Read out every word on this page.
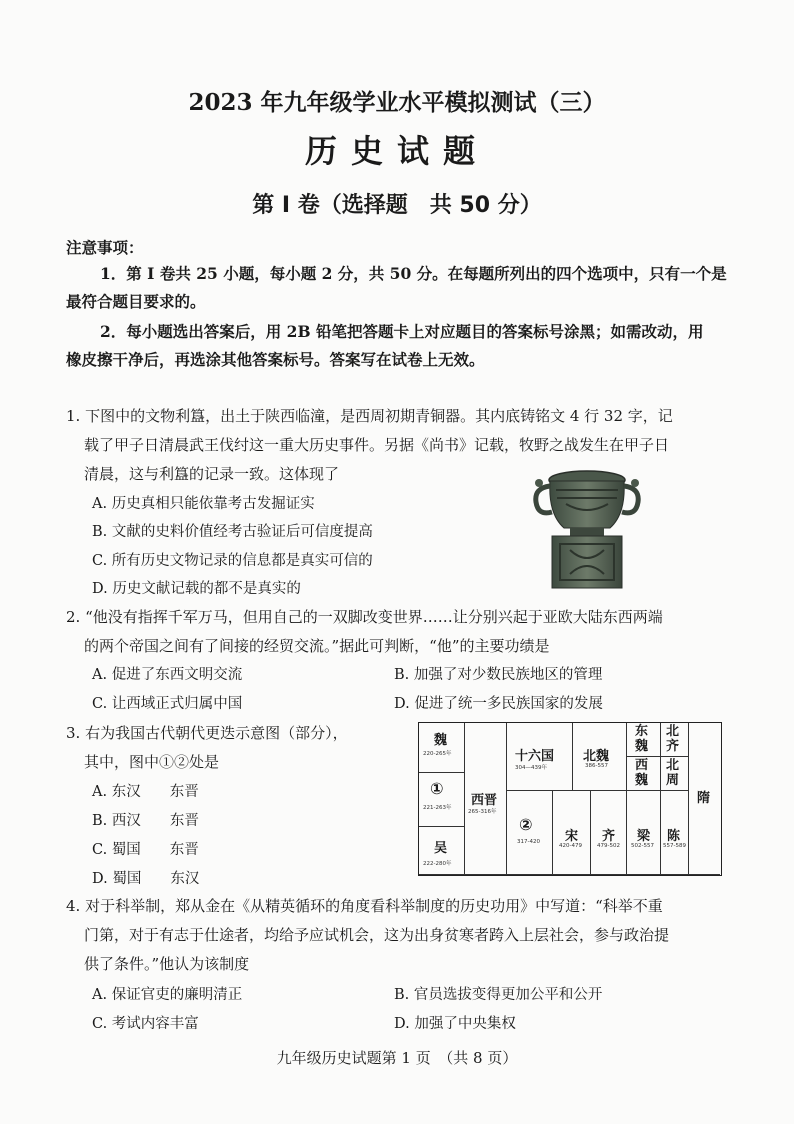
2023 年九年级学业水平模拟测试（三）
历史试题
第 Ⅰ 卷（选择题　共 50 分）
注意事项：
1．第 Ⅰ 卷共 25 小题，每小题 2 分，共 50 分。在每题所列出的四个选项中，只有一个是
最符合题目要求的。
2．每小题选出答案后，用 2B 铅笔把答题卡上对应题目的答案标号涂黑；如需改动，用
橡皮擦干净后，再选涂其他答案标号。答案写在试卷上无效。
1. 下图中的文物利簋，出土于陕西临潼，是西周初期青铜器。其内底铸铭文 4 行 32 字，记
载了甲子日清晨武王伐纣这一重大历史事件。另据《尚书》记载，牧野之战发生在甲子日
清晨，这与利簋的记录一致。这体现了
A. 历史真相只能依靠考古发掘证实
B. 文献的史料价值经考古验证后可信度提高
C. 所有历史文物记录的信息都是真实可信的
D. 历史文献记载的都不是真实的
2. “他没有指挥千军万马，但用自己的一双脚改变世界……让分别兴起于亚欧大陆东西两端
的两个帝国之间有了间接的经贸交流。”据此可判断，“他”的主要功绩是
A. 促进了东西文明交流	B. 加强了对少数民族地区的管理
C. 让西域正式归属中国	D. 促进了统一多民族国家的发展
3. 右为我国古代朝代更迭示意图（部分），
其中，图中①②处是
A. 东汉　　东晋
B. 西汉　　东晋
C. 蜀国　　东晋
D. 蜀国　　东汉
魏
220-265年
①
221-263年
吴
222-280年
西晋
265-316年
十六国
304—439年
北魏
386-557
东魏
北齐
西魏
北周
隋
②
317-420 宋
420-479
齐
479-502
梁
502-557
陈
557-589
4. 对于科举制，郑从金在《从精英循环的角度看科举制度的历史功用》中写道：“科举不重
门第，对于有志于仕途者，均给予应试机会，这为出身贫寒者跨入上层社会，参与政治提
供了条件。”他认为该制度
A. 保证官吏的廉明清正	B. 官员选拔变得更加公平和公开
C. 考试内容丰富	D. 加强了中央集权
九年级历史试题第 1 页　（共 8 页）
